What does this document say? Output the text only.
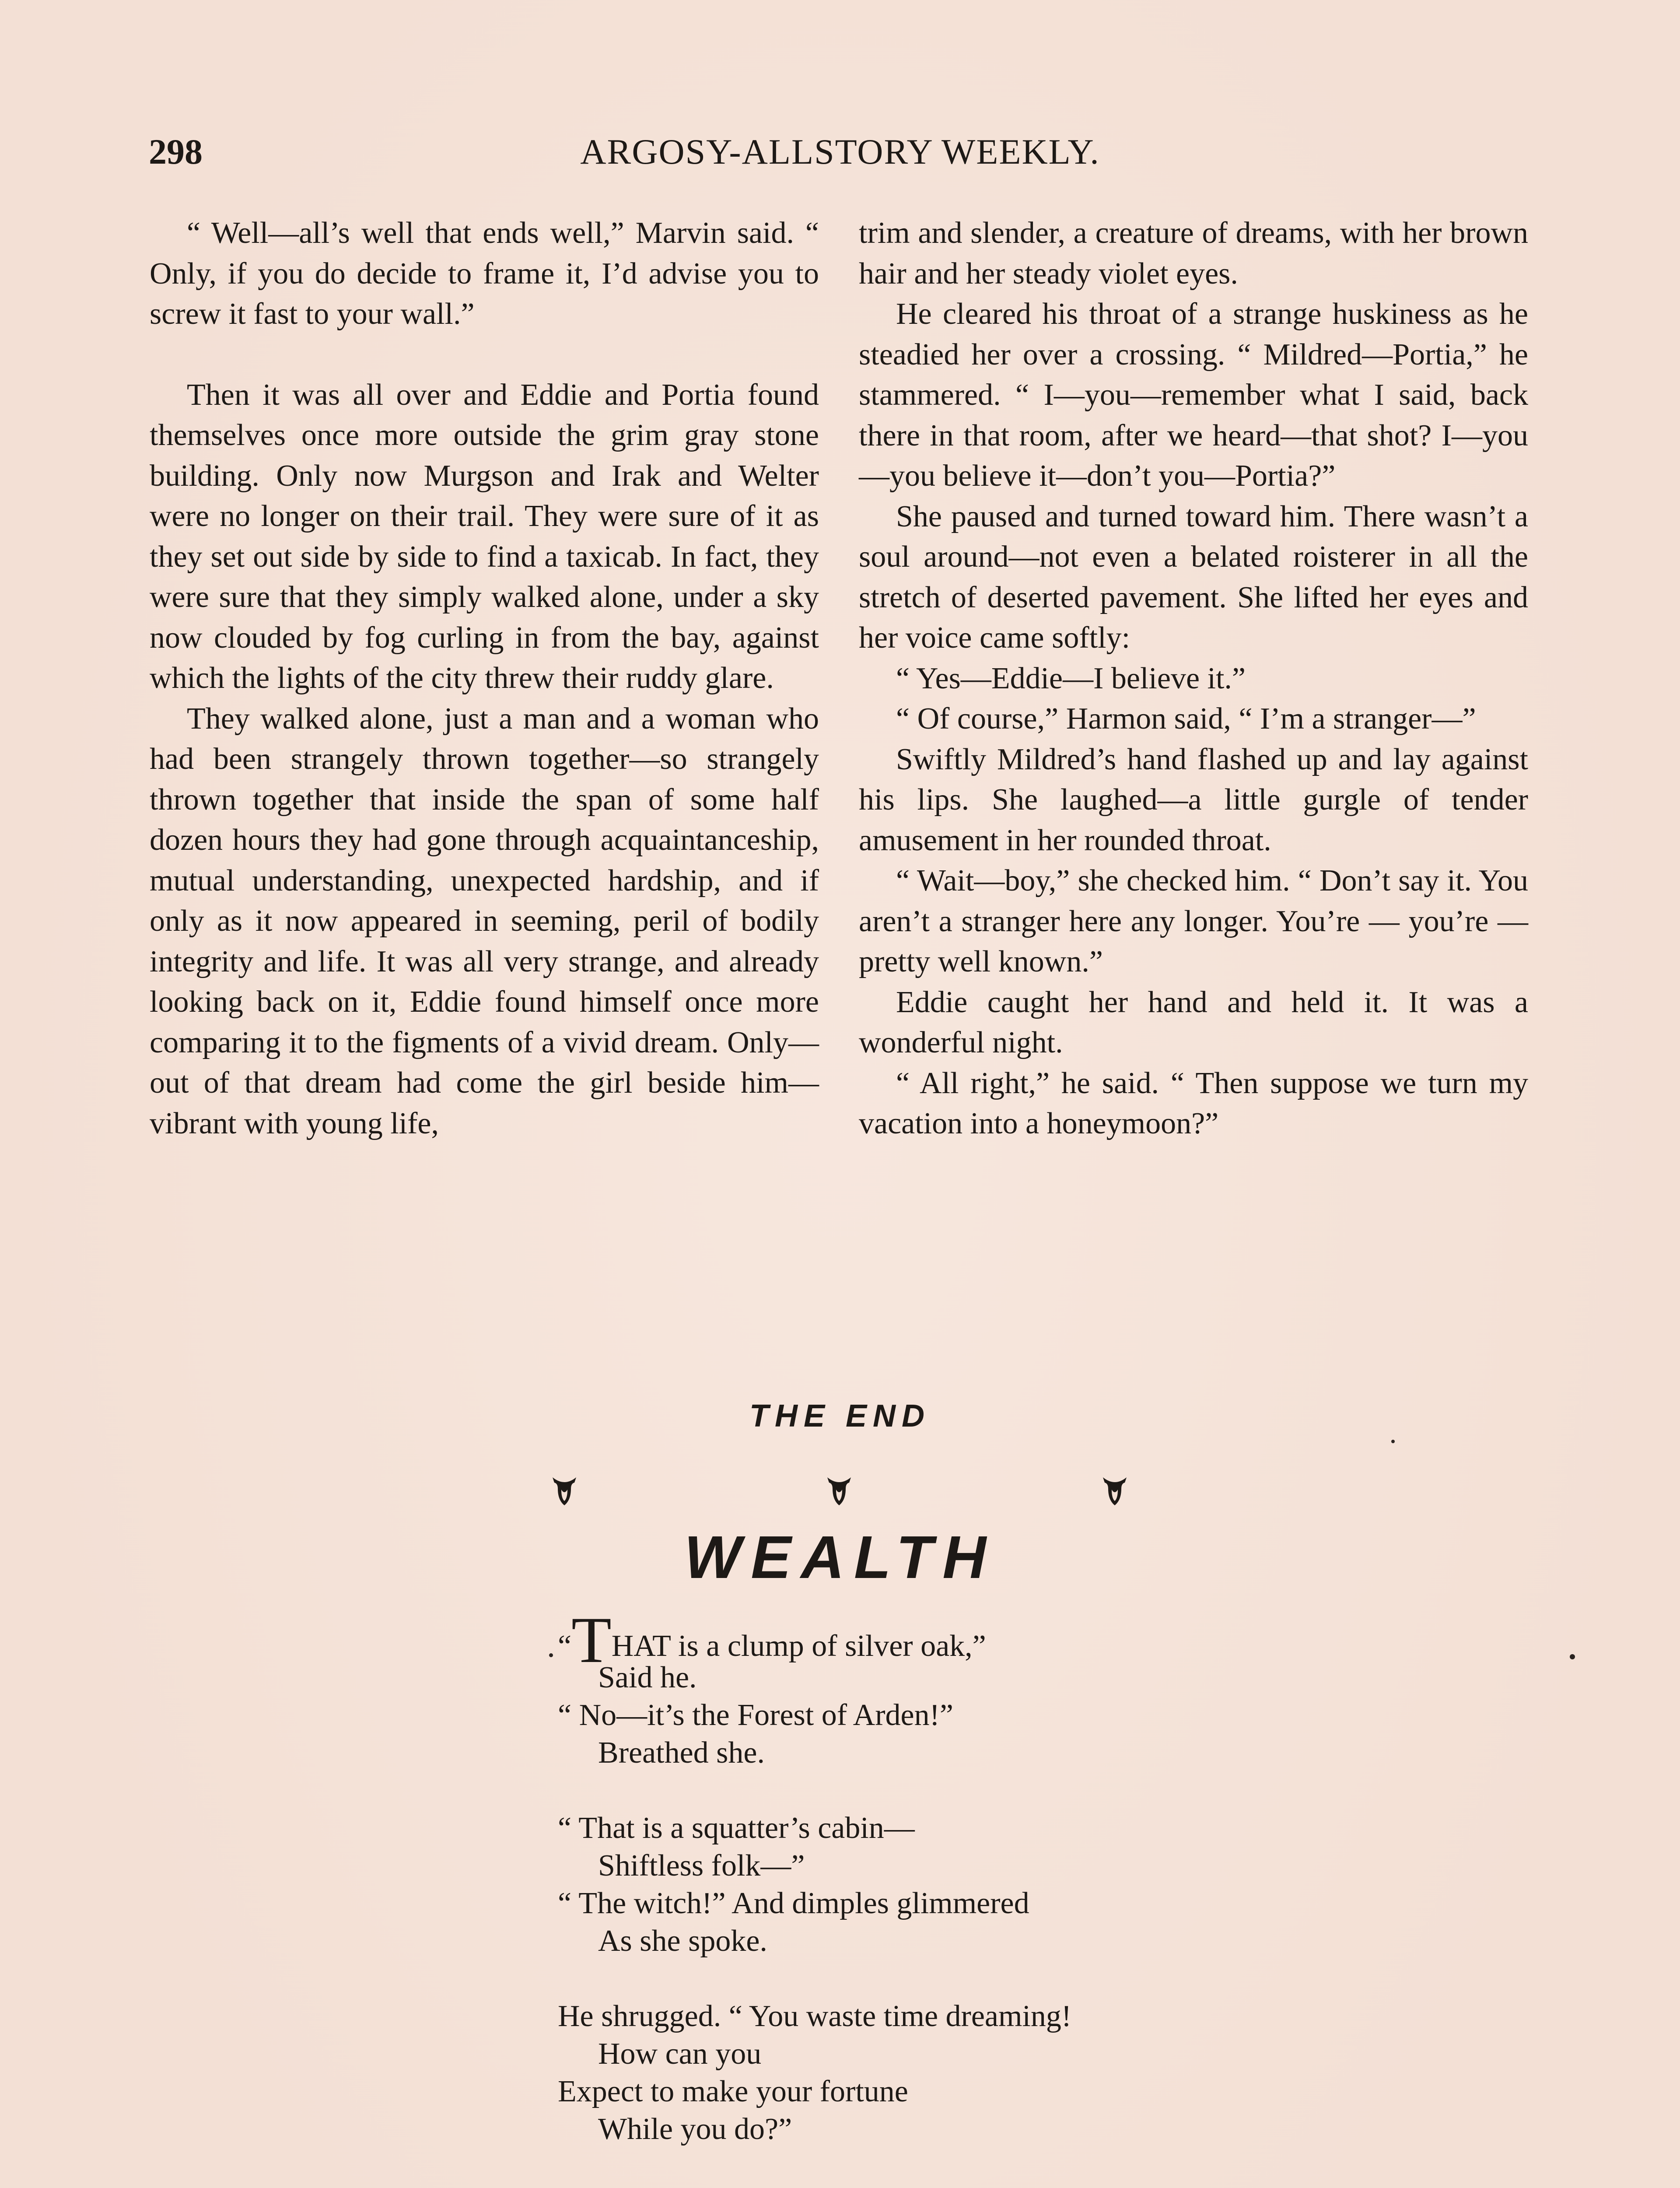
298	ARGOSY-ALLSTORY WEEKLY.

“ Well—all’s well that ends well,” Marvin said. “ Only, if you do decide to frame it, I’d advise you to screw it fast to your wall.”

Then it was all over and Eddie and Portia found themselves once more outside the grim gray stone building. Only now Murgson and Irak and Welter were no longer on their trail. They were sure of it as they set out side by side to find a taxicab. In fact, they were sure that they simply walked alone, under a sky now clouded by fog curling in from the bay, against which the lights of the city threw their ruddy glare.

They walked alone, just a man and a woman who had been strangely thrown together—so strangely thrown together that inside the span of some half dozen hours they had gone through acquaintanceship, mutual understanding, unexpected hardship, and if only as it now appeared in seeming, peril of bodily integrity and life. It was all very strange, and already looking back on it, Eddie found himself once more comparing it to the figments of a vivid dream. Only—out of that dream had come the girl beside him—vibrant with young life,

trim and slender, a creature of dreams, with her brown hair and her steady violet eyes.

He cleared his throat of a strange huskiness as he steadied her over a crossing. “ Mildred—Portia,” he stammered. “ I—you—remember what I said, back there in that room, after we heard—that shot? I—you—you believe it—don’t you—Portia?”

She paused and turned toward him. There wasn’t a soul around—not even a belated roisterer in all the stretch of deserted pavement. She lifted her eyes and her voice came softly:

“ Yes—Eddie—I believe it.”

“ Of course,” Harmon said, “ I’m a stranger—”

Swiftly Mildred’s hand flashed up and lay against his lips. She laughed—a little gurgle of tender amusement in her rounded throat.

“ Wait—boy,” she checked him. “ Don’t say it. You aren’t a stranger here any longer. You’re — you’re — pretty well known.”

Eddie caught her hand and held it. It was a wonderful night.

“ All right,” he said. “ Then suppose we turn my vacation into a honeymoon?”

THE END
WEALTH
“THAT is a clump of silver oak,”
Said he.
“ No—it’s the Forest of Arden!”
Breathed she.
“ That is a squatter’s cabin—
Shiftless folk—”
“ The witch!” And dimples glimmered
As she spoke.
He shrugged. “ You waste time dreaming!
How can you
Expect to make your fortune
While you do?”
